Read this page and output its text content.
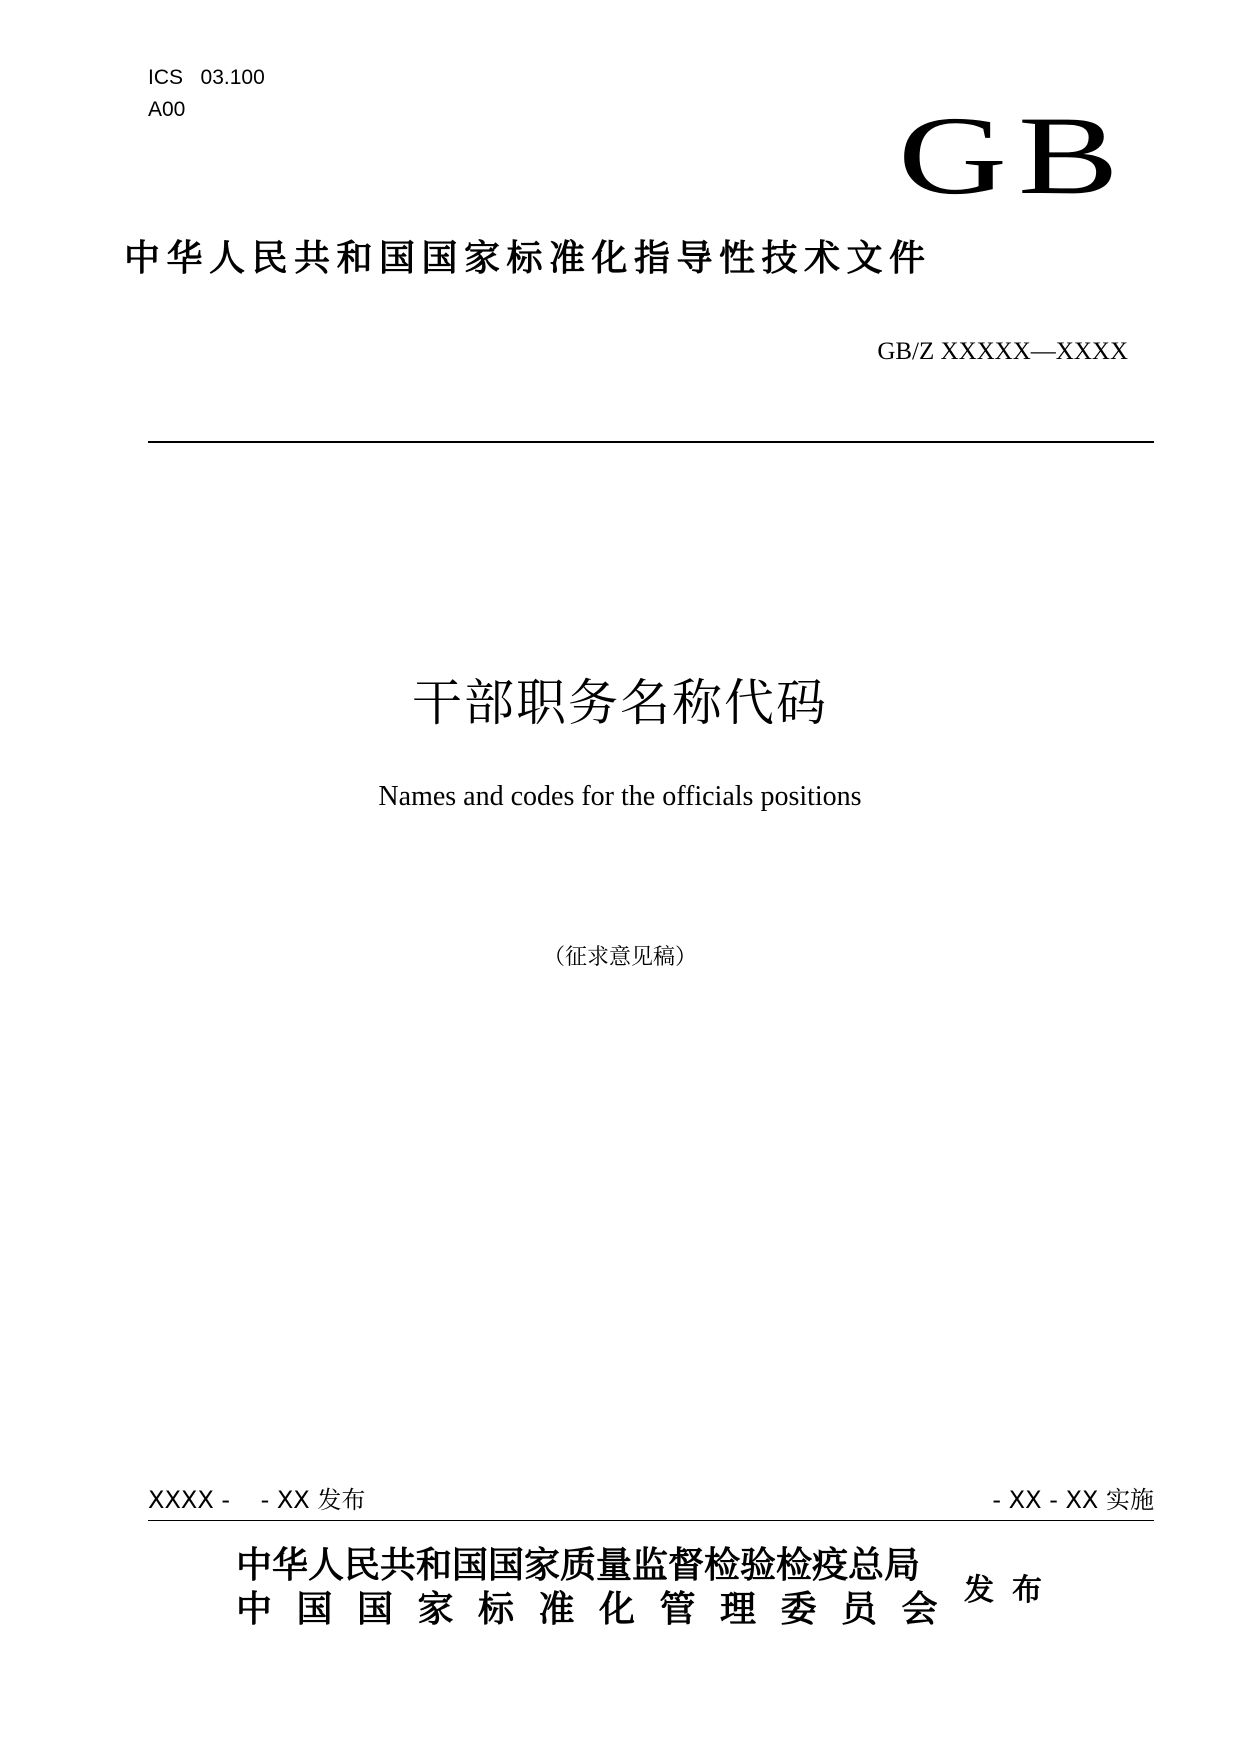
ICS 03.100
A00	GB
中华人民共和国国家标准化指导性技术文件
GB/Z XXXXX—XXXX
干部职务名称代码
Names and codes for the officials positions
（征求意见稿）
XXXX -    - XX 发布	- XX - XX 实施
中华人民共和国国家质量监督检验检疫总局
中国国家标准化管理委员会 发布
